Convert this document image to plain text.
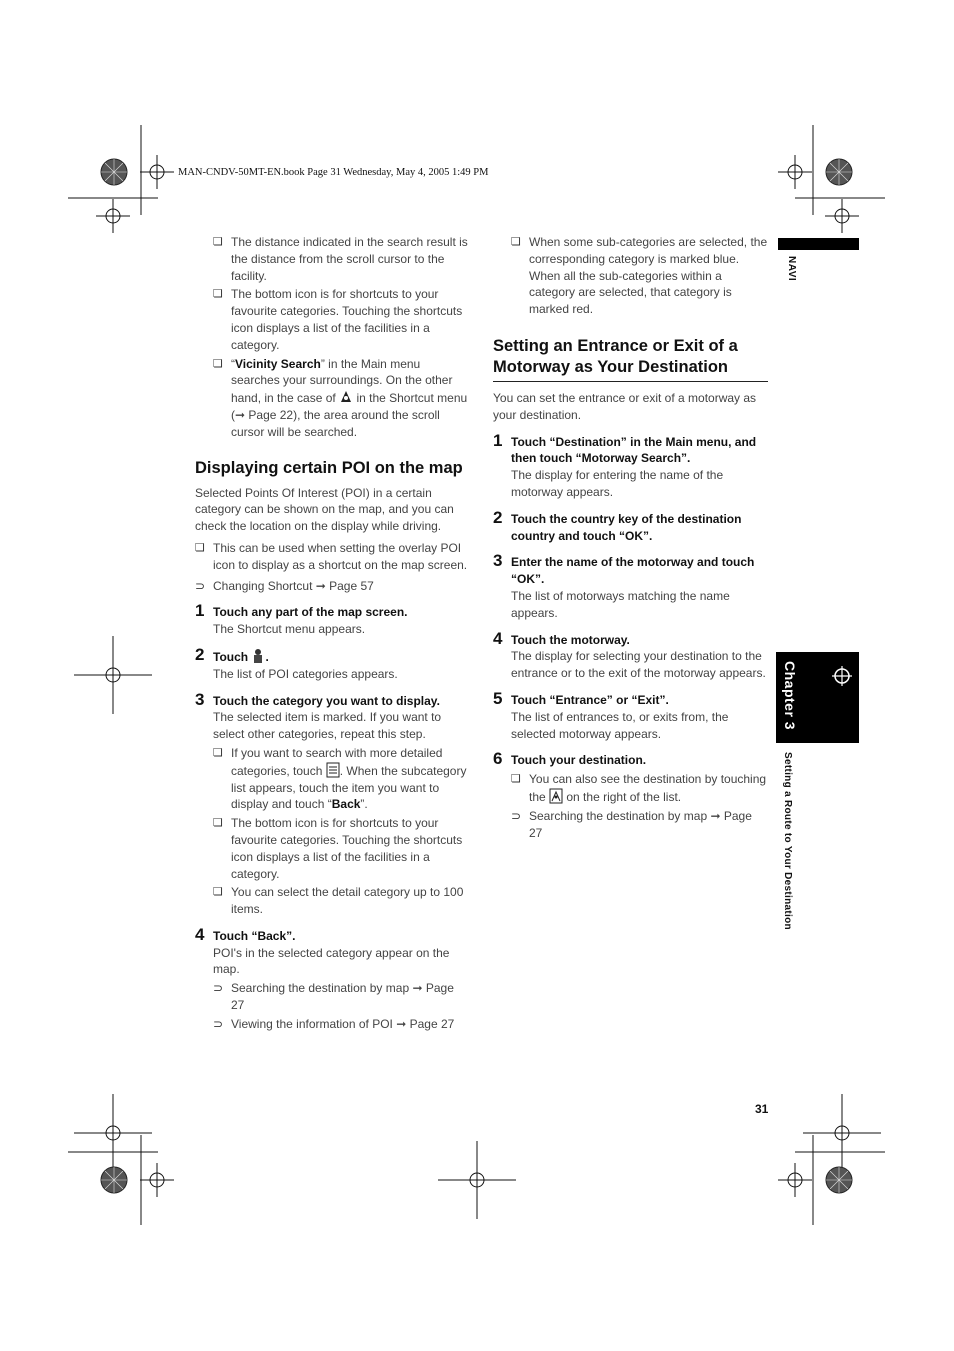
MAN-CNDV-50MT-EN.book Page 31 Wednesday, May 4, 2005 1:49 PM
❏ The distance indicated in the search result is the distance from the scroll cursor to the facility.
❏ The bottom icon is for shortcuts to your favourite categories. Touching the shortcuts icon displays a list of the facilities in a category.
❏ “Vicinity Search” in the Main menu searches your surroundings. On the other hand, in the case of in the Shortcut menu (➞ Page 22), the area around the scroll cursor will be searched.
Displaying certain POI on the map

Selected Points Of Interest (POI) in a certain category can be shown on the map, and you can check the location on the display while driving.

❏ This can be used when setting the overlay POI icon to display as a shortcut on the map screen.
⊃ Changing Shortcut ➞ Page 57
1 Touch any part of the map screen.
The Shortcut menu appears.
2 Touch .
The list of POI categories appears.
3 Touch the category you want to display.
The selected item is marked. If you want to select other categories, repeat this step.
❏ If you want to search with more detailed categories, touch . When the subcategory list appears, touch the item you want to display and touch “Back”.
❏ The bottom icon is for shortcuts to your favourite categories. Touching the shortcuts icon displays a list of the facilities in a category.
❏ You can select the detail category up to 100 items.
4 Touch “Back”.
POI's in the selected category appear on the map.
⊃ Searching the destination by map ➞ Page 27
⊃ Viewing the information of POI ➞ Page 27
❏ When some sub-categories are selected, the corresponding category is marked blue. When all the sub-categories within a category are selected, that category is marked red.
Setting an Entrance or Exit of a Motorway as Your Destination

You can set the entrance or exit of a motorway as your destination.

1 Touch “Destination” in the Main menu, and then touch “Motorway Search”.
The display for entering the name of the motorway appears.
2 Touch the country key of the destination country and touch “OK”.
3 Enter the name of the motorway and touch “OK”.
The list of motorways matching the name appears.
4 Touch the motorway.
The display for selecting your destination to the entrance or to the exit of the motorway appears.
5 Touch “Entrance” or “Exit”.
The list of entrances to, or exits from, the selected motorway appears.
6 Touch your destination.
❏ You can also see the destination by touching the on the right of the list.
⊃ Searching the destination by map ➞ Page 27
NAVI
Chapter 3
Setting a Route to Your Destination
31
